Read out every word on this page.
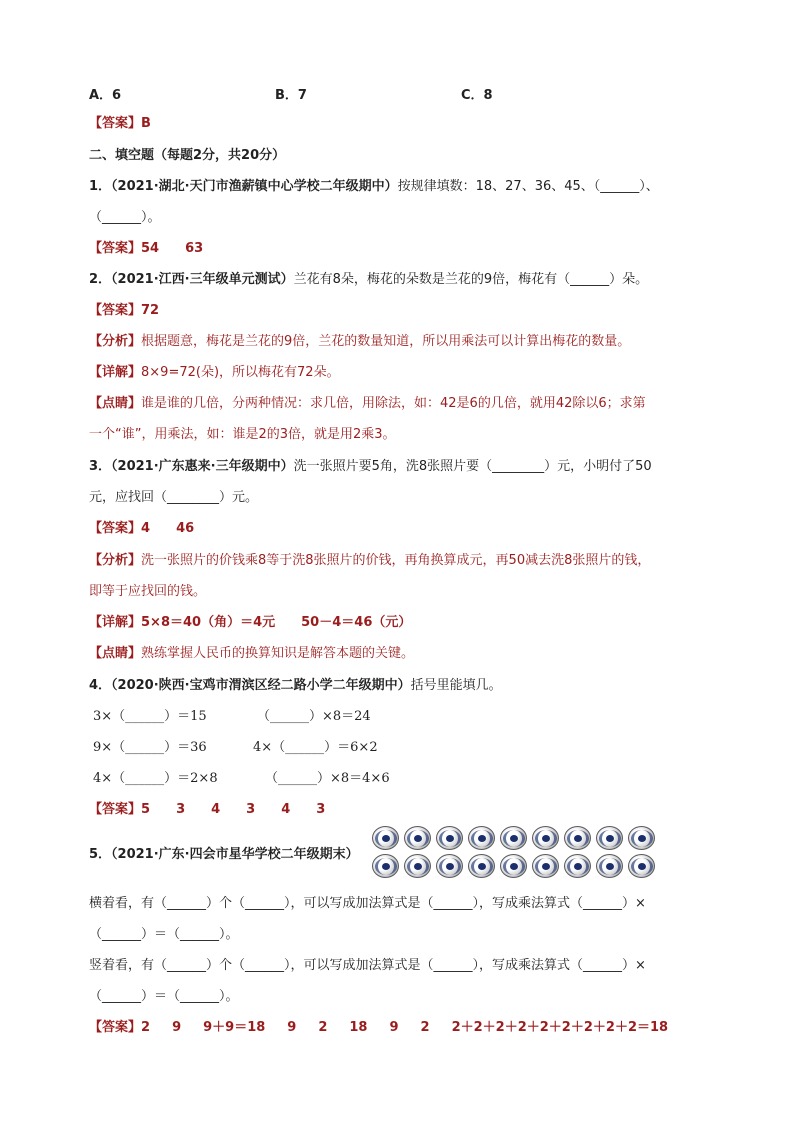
A．6	B．7	C．8
【答案】B
二、填空题（每题2分，共20分）
1．（2021·湖北·天门市渔薪镇中心学校二年级期中）按规律填数：18、27、36、45、（______）、
（______）。
【答案】54 63
2．（2021·江西·三年级单元测试）兰花有8朵，梅花的朵数是兰花的9倍，梅花有（______）朵。
【答案】72
【分析】根据题意，梅花是兰花的9倍，兰花的数量知道，所以用乘法可以计算出梅花的数量。
【详解】8×9=72(朵)，所以梅花有72朵。
【点睛】谁是谁的几倍，分两种情况：求几倍，用除法，如：42是6的几倍，就用42除以6；求第
一个“谁”，用乘法，如：谁是2的3倍，就是用2乘3。
3．（2021·广东惠来·三年级期中）洗一张照片要5角，洗8张照片要（________）元，小明付了50
元，应找回（________）元。
【答案】4 46
【分析】洗一张照片的价钱乘8等于洗8张照片的价钱，再角换算成元，再50减去洗8张照片的钱，
即等于应找回的钱。
【详解】5×8＝40（角）＝4元　　50－4＝46（元）
【点睛】熟练掌握人民币的换算知识是解答本题的关键。
4．（2020·陕西·宝鸡市渭滨区经二路小学二年级期中）括号里能填几。
3×（______）＝15	（______）×8＝24
9×（______）＝36	4×（______）＝6×2
4×（______）＝2×8	（______）×8＝4×6
【答案】5 3 4 3 4 3
5．（2021·广东·四会市星华学校二年级期末）
横着看，有（______）个（______），可以写成加法算式是（______），写成乘法算式（______）×
（______）＝（______）。
竖着看，有（______）个（______），可以写成加法算式是（______），写成乘法算式（______）×
（______）＝（______）。
【答案】2 9 9＋9＝18 9 2 18 9 2 2＋2＋2＋2＋2＋2＋2＋2＋2＝18
